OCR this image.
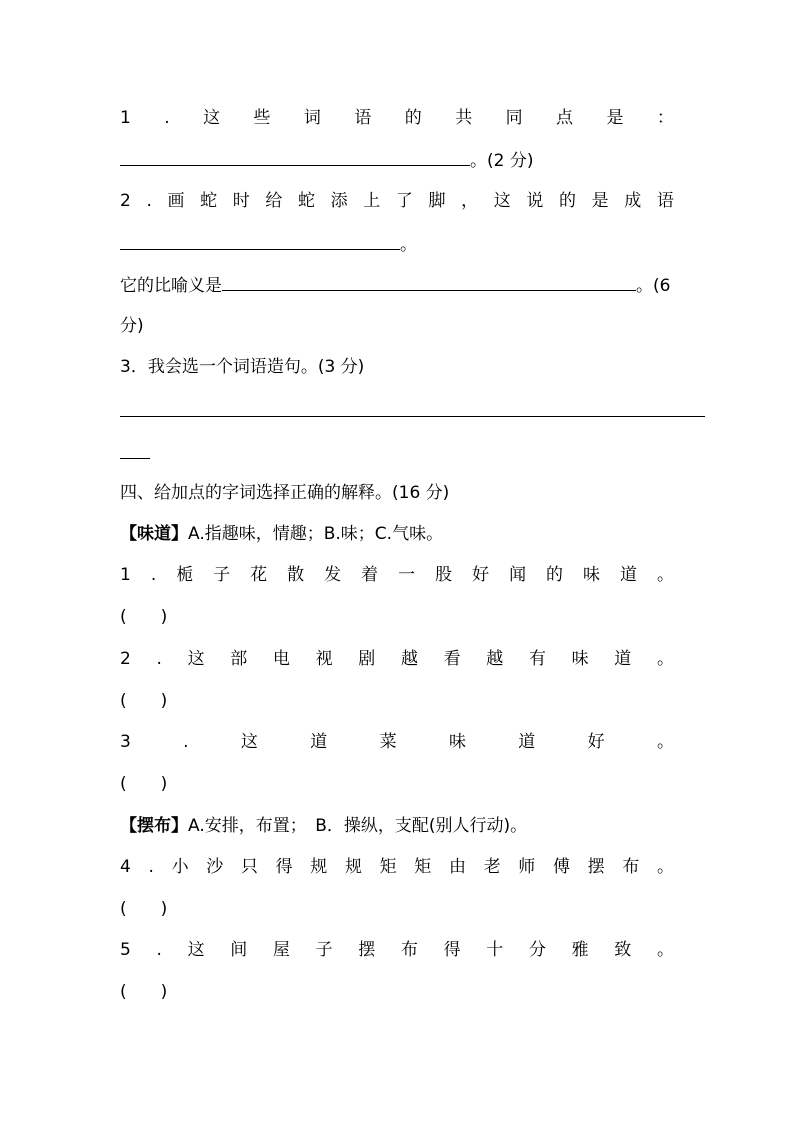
1 . 这 些 词 语 的 共 同 点 是 ：
。(2 分)
2 . 画 蛇 时 给 蛇 添 上 了 脚 ， 这 说 的 是 成 语
。
它的比喻义是	。(6
分)
3．我会选一个词语造句。(3 分)
四、给加点的字词选择正确的解释。(16 分)
【味道】A.指趣味，情趣；B.味；C.气味。
1 . 栀 子 花 散 发 着 一 股 好 闻 的 味 道 。
(　　)
2 . 这 部 电 视 剧 越 看 越 有 味 道 。
(　　)
3	.	这	道	菜	味	道	好	。
(　　)
【摆布】A.安排，布置；　B．操纵，支配(别人行动)。
4 . 小 沙 只 得 规 规 矩 矩 由 老 师 傅 摆 布 。
(　　)
5 . 这 间 屋 子 摆 布 得 十 分 雅 致 。
(　　)
